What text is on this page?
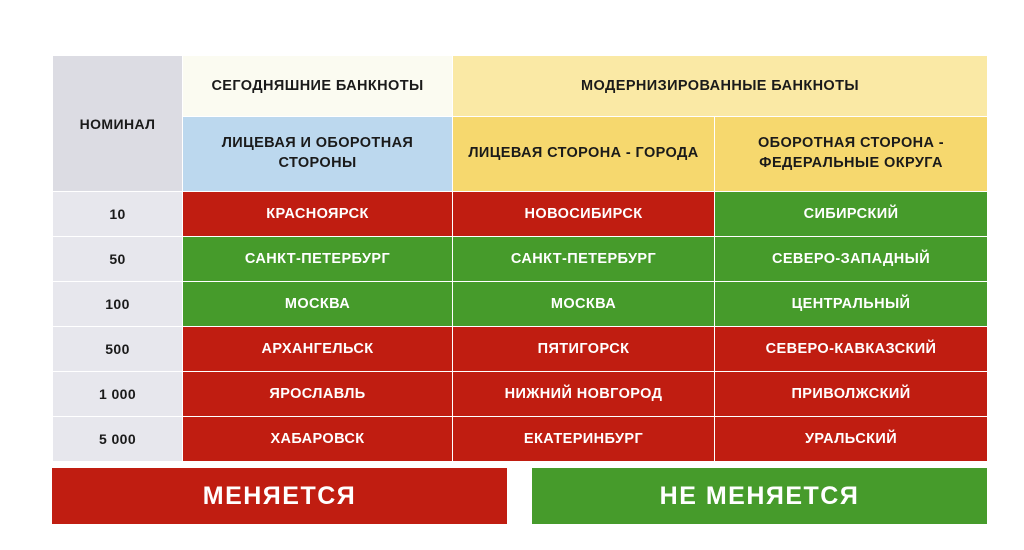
НОМИНАЛ	СЕГОДНЯШНИЕ БАНКНОТЫ	МОДЕРНИЗИРОВАННЫЕ БАНКНОТЫ	
	ЛИЦЕВАЯ И ОБОРОТНАЯ СТОРОНЫ	ЛИЦЕВАЯ СТОРОНА - ГОРОДА	ОБОРОТНАЯ СТОРОНА - ФЕДЕРАЛЬНЫЕ ОКРУГА
10	КРАСНОЯРСК	НОВОСИБИРСК	СИБИРСКИЙ
50	САНКТ-ПЕТЕРБУРГ	САНКТ-ПЕТЕРБУРГ	СЕВЕРО-ЗАПАДНЫЙ
100	МОСКВА	МОСКВА	ЦЕНТРАЛЬНЫЙ
500	АРХАНГЕЛЬСК	ПЯТИГОРСК	СЕВЕРО-КАВКАЗСКИЙ
1 000	ЯРОСЛАВЛЬ	НИЖНИЙ НОВГОРОД	ПРИВОЛЖСКИЙ
5 000	ХАБАРОВСК	ЕКАТЕРИНБУРГ	УРАЛЬСКИЙ
МЕНЯЕТСЯ	НЕ МЕНЯЕТСЯ
